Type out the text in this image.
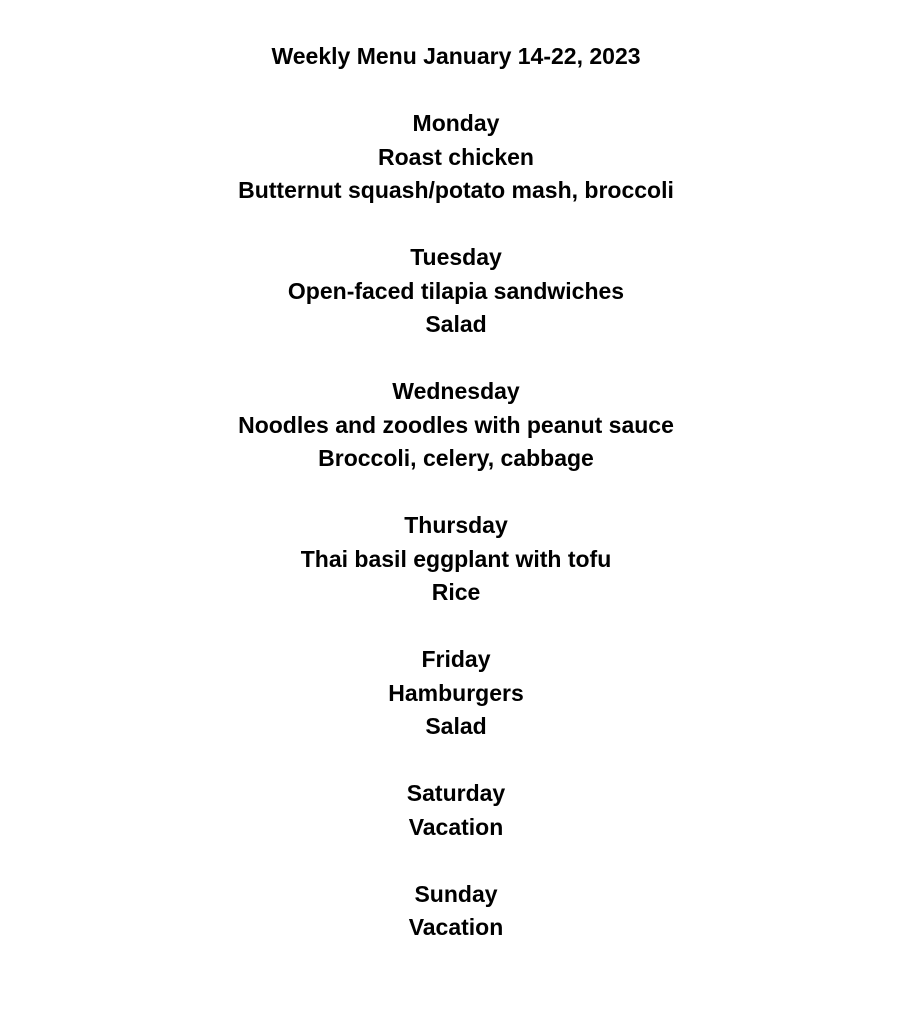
Weekly Menu January 14-22, 2023
Monday
Roast chicken
Butternut squash/potato mash, broccoli
Tuesday
Open-faced tilapia sandwiches
Salad
Wednesday
Noodles and zoodles with peanut sauce
Broccoli, celery, cabbage
Thursday
Thai basil eggplant with tofu
Rice
Friday
Hamburgers
Salad
Saturday
Vacation
Sunday
Vacation
